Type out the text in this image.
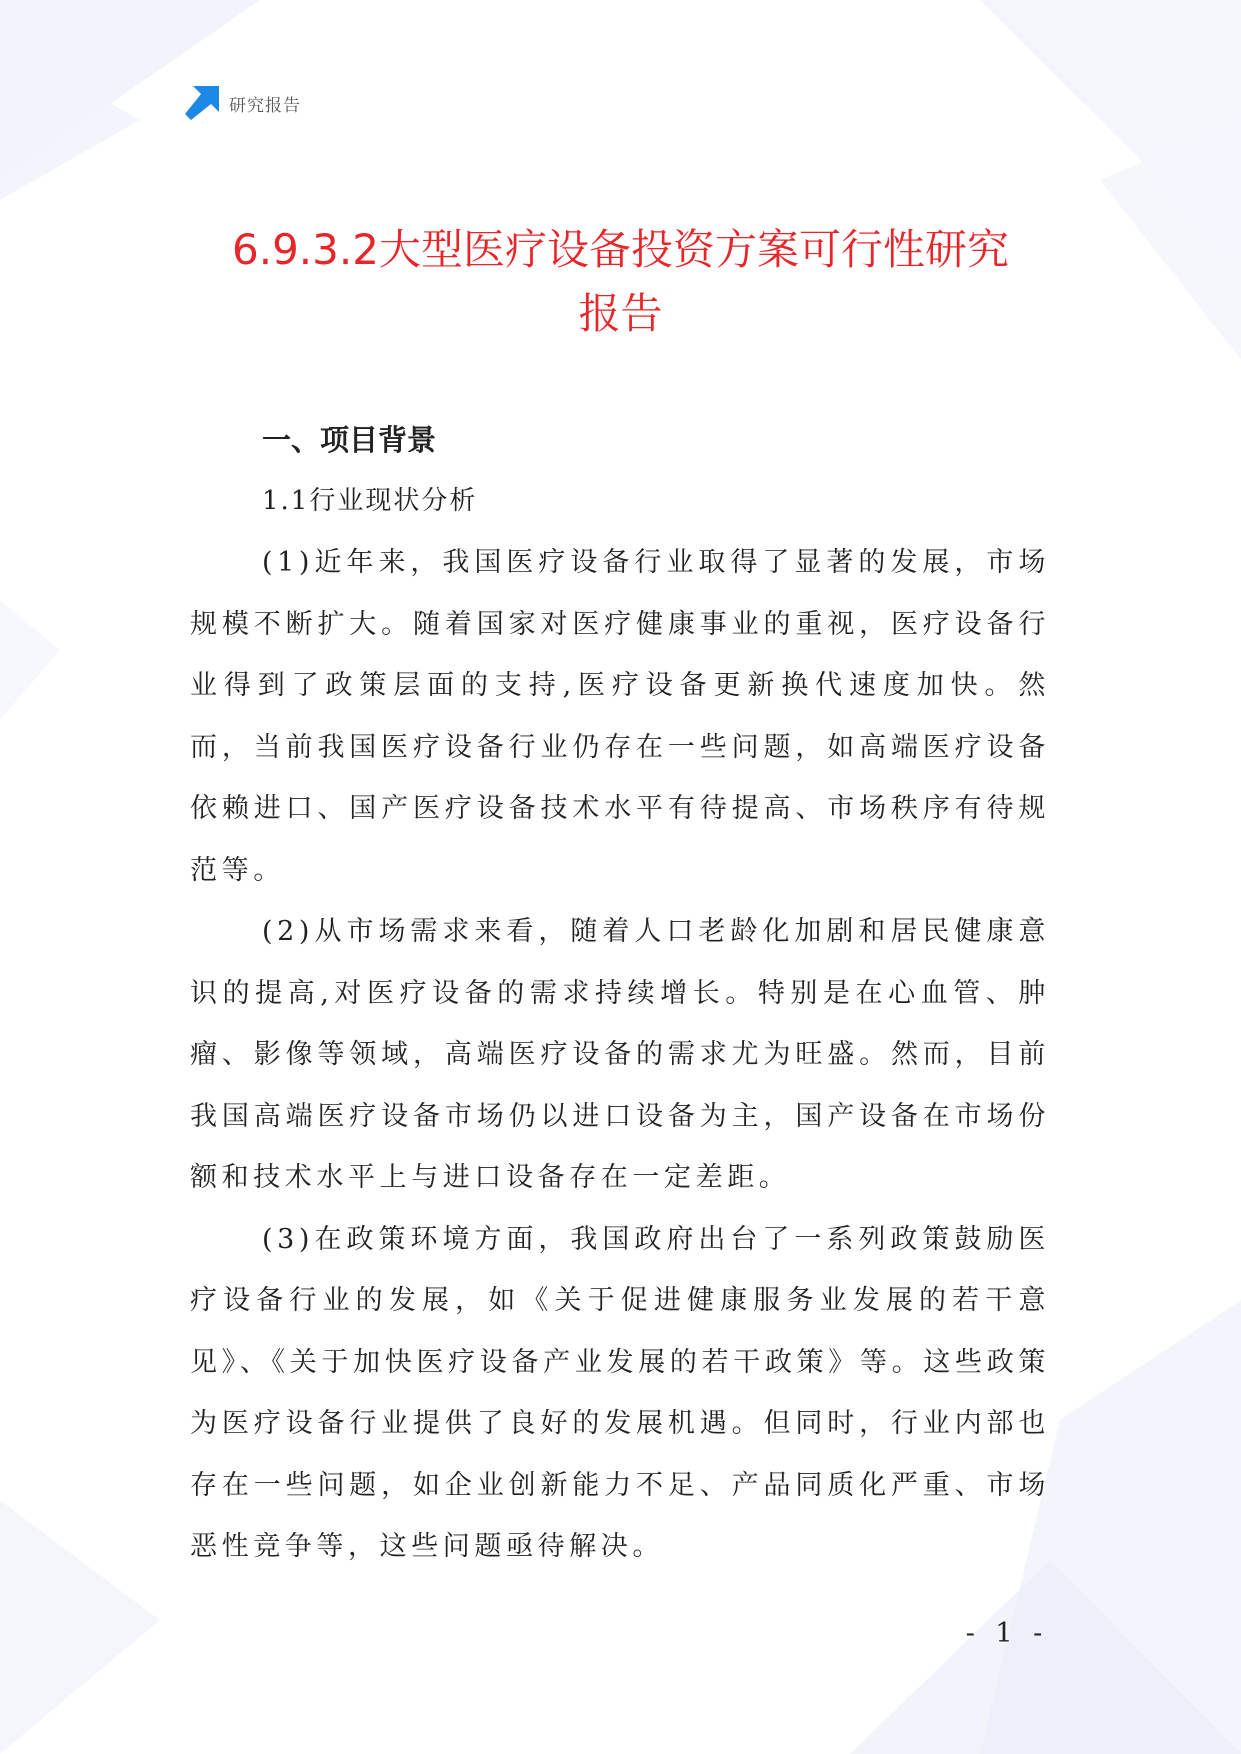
研究报告
6.9.3.2大型医疗设备投资方案可行性研究
报告
一、项目背景
1.1行业现状分析

(1)近年来，我国医疗设备行业取得了显著的发展，市场规模不断扩大。随着国家对医疗健康事业的重视，医疗设备行业得到了政策层面的支持,医疗设备更新换代速度加快。然而，当前我国医疗设备行业仍存在一些问题，如高端医疗设备依赖进口、国产医疗设备技术水平有待提高、市场秩序有待规范等。

(2)从市场需求来看，随着人口老龄化加剧和居民健康意识的提高,对医疗设备的需求持续增长。特别是在心血管、肿瘤、影像等领域，高端医疗设备的需求尤为旺盛。然而，目前我国高端医疗设备市场仍以进口设备为主，国产设备在市场份额和技术水平上与进口设备存在一定差距。

(3)在政策环境方面，我国政府出台了一系列政策鼓励医疗设备行业的发展，如《关于促进健康服务业发展的若干意见》、《关于加快医疗设备产业发展的若干政策》等。这些政策为医疗设备行业提供了良好的发展机遇。但同时，行业内部也存在一些问题，如企业创新能力不足、产品同质化严重、市场恶性竞争等，这些问题亟待解决。

- 1 -
